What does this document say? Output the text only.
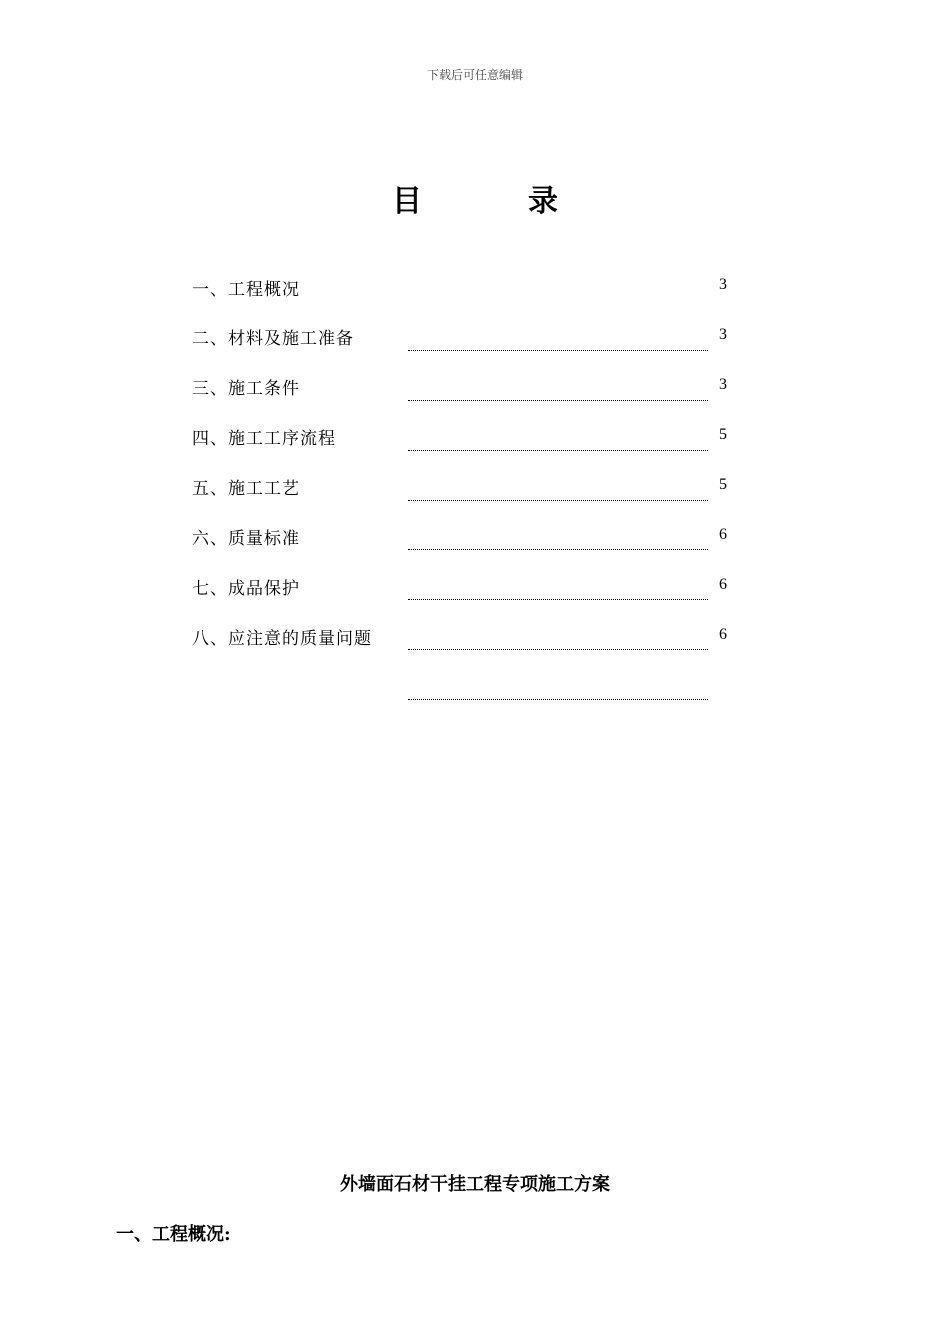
下载后可任意编辑
目	录
一、工程概况	3
二、材料及施工准备	3
三、施工条件	3
四、施工工序流程	5
五、施工工艺	5
六、质量标准	6
七、成品保护	6
八、应注意的质量问题	6
外墙面石材干挂工程专项施工方案
一、工程概况:
